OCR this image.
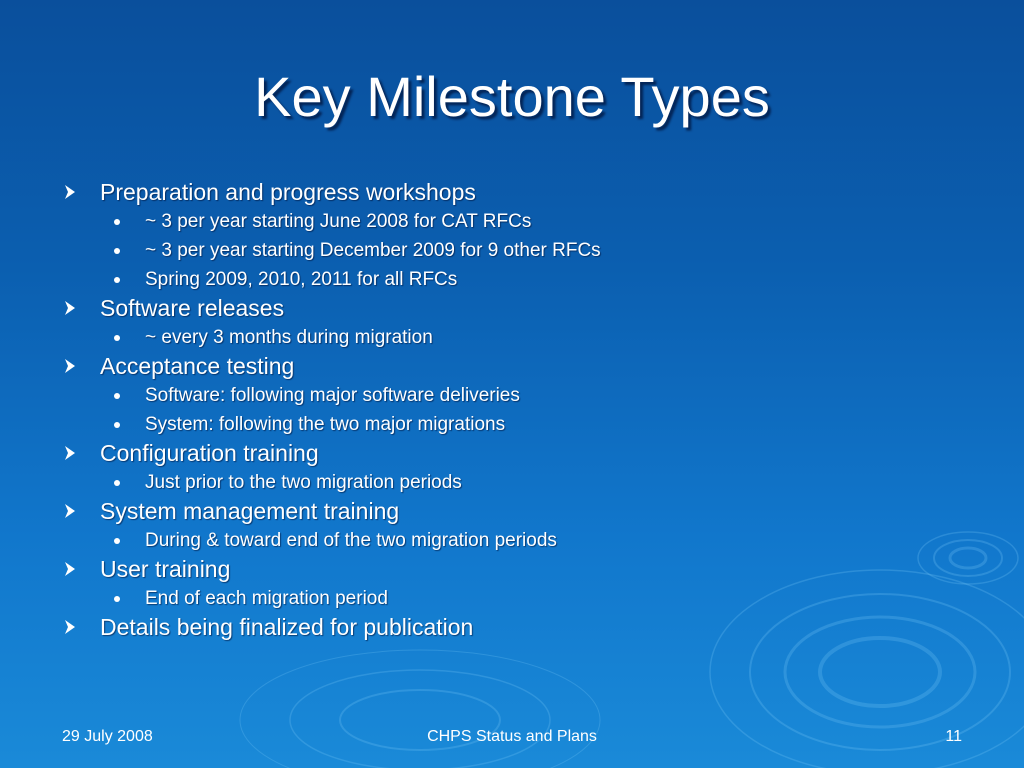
Key Milestone Types
Preparation and progress workshops
~ 3 per year starting June 2008 for CAT RFCs
~ 3 per year starting December 2009 for 9 other RFCs
Spring 2009, 2010, 2011 for all RFCs
Software releases
~ every 3 months during migration
Acceptance testing
Software: following major software deliveries
System: following the two major migrations
Configuration training
Just prior to the two migration periods
System management training
During & toward end of the two migration periods
User training
End of each migration period
Details being finalized for publication
29 July 2008	CHPS Status and Plans	11
